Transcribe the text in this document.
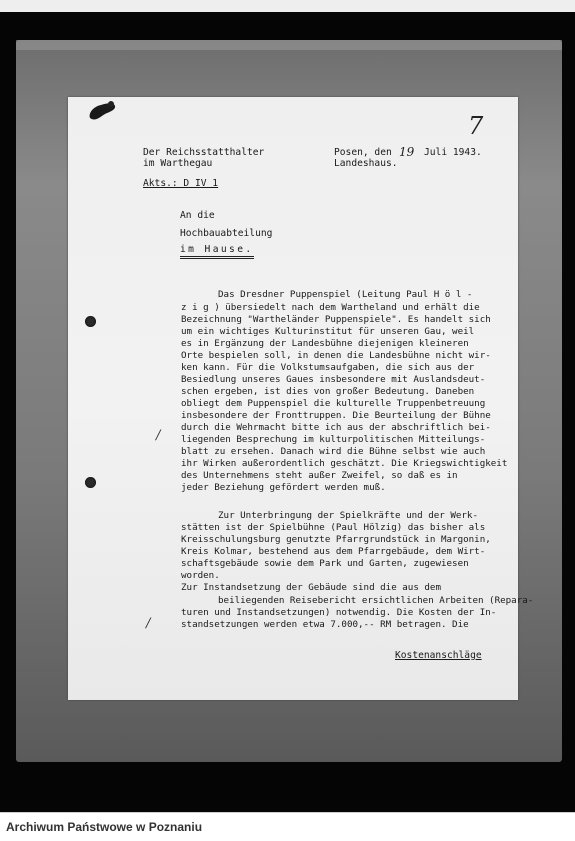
7
Der Reichsstatthalter
im Warthegau
Posen, den 19 Juli 1943.
Landeshaus.
Akts.: D IV 1
An die
Hochbauabteilung
im Hause.
Das Dresdner Puppenspiel (Leitung Paul H ö l -
z i g ) übersiedelt nach dem Wartheland und erhält die
Bezeichnung "Wartheländer Puppenspiele". Es handelt sich
um ein wichtiges Kulturinstitut für unseren Gau, weil
es in Ergänzung der Landesbühne diejenigen kleineren
Orte bespielen soll, in denen die Landesbühne nicht wir-
ken kann. Für die Volkstumsaufgaben, die sich aus der
Besiedlung unseres Gaues insbesondere mit Auslandsdeut-
schen ergeben, ist dies von großer Bedeutung. Daneben
obliegt dem Puppenspiel die kulturelle Truppenbetreuung
insbesondere der Fronttruppen. Die Beurteilung der Bühne
durch die Wehrmacht bitte ich aus der abschriftlich bei-
liegenden Besprechung im kulturpolitischen Mitteilungs-
blatt zu ersehen. Danach wird die Bühne selbst wie auch
ihr Wirken außerordentlich geschätzt. Die Kriegswichtigkeit
des Unternehmens steht außer Zweifel, so daß es in
jeder Beziehung gefördert werden muß.
Zur Unterbringung der Spielkräfte und der Werk-
stätten ist der Spielbühne (Paul Hölzig) das bisher als
Kreisschulungsburg genutzte Pfarrgrundstück in Margonin,
Kreis Kolmar, bestehend aus dem Pfarrgebäude, dem Wirt-
schaftsgebäude sowie dem Park und Garten, zugewiesen
worden.
Zur Instandsetzung der Gebäude sind die aus dem
beiliegenden Reisebericht ersichtlichen Arbeiten (Repara-
turen und Instandsetzungen) notwendig. Die Kosten der In-
standsetzungen werden etwa 7.000,-- RM betragen. Die
Kostenanschläge
/
/
Archiwum Państwowe w Poznaniu
